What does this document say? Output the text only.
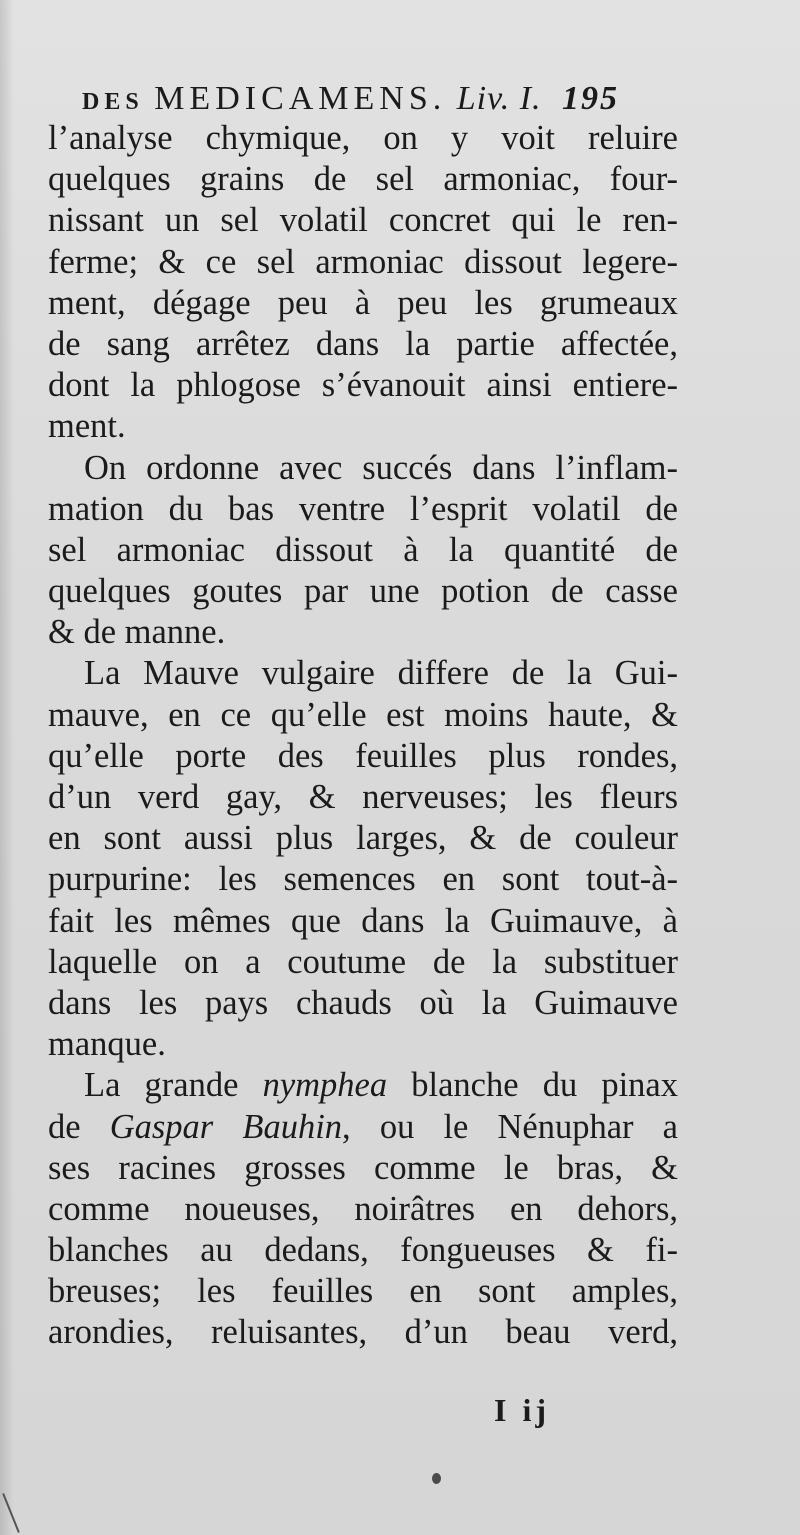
DES MEDICAMENS. Liv. I. 195
l’analyse chymique, on y voit reluire
quelques grains de sel armoniac, four-
nissant un sel volatil concret qui le ren-
ferme; & ce sel armoniac dissout legere-
ment, dégage peu à peu les grumeaux
de sang arrêtez dans la partie affectée,
dont la phlogose s’évanouit ainsi entiere-
ment.
On ordonne avec succés dans l’inflam-
mation du bas ventre l’esprit volatil de
sel armoniac dissout à la quantité de
quelques goutes par une potion de casse
& de manne.
La Mauve vulgaire differe de la Gui-
mauve, en ce qu’elle est moins haute, &
qu’elle porte des feuilles plus rondes,
d’un verd gay, & nerveuses; les fleurs
en sont aussi plus larges, & de couleur
purpurine: les semences en sont tout-à-
fait les mêmes que dans la Guimauve, à
laquelle on a coutume de la substituer
dans les pays chauds où la Guimauve
manque.
La grande nymphea blanche du pinax
de Gaspar Bauhin, ou le Nénuphar a
ses racines grosses comme le bras, &
comme noueuses, noirâtres en dehors,
blanches au dedans, fongueuses & fi-
breuses; les feuilles en sont amples,
arondies, reluisantes, d’un beau verd,
I ij
